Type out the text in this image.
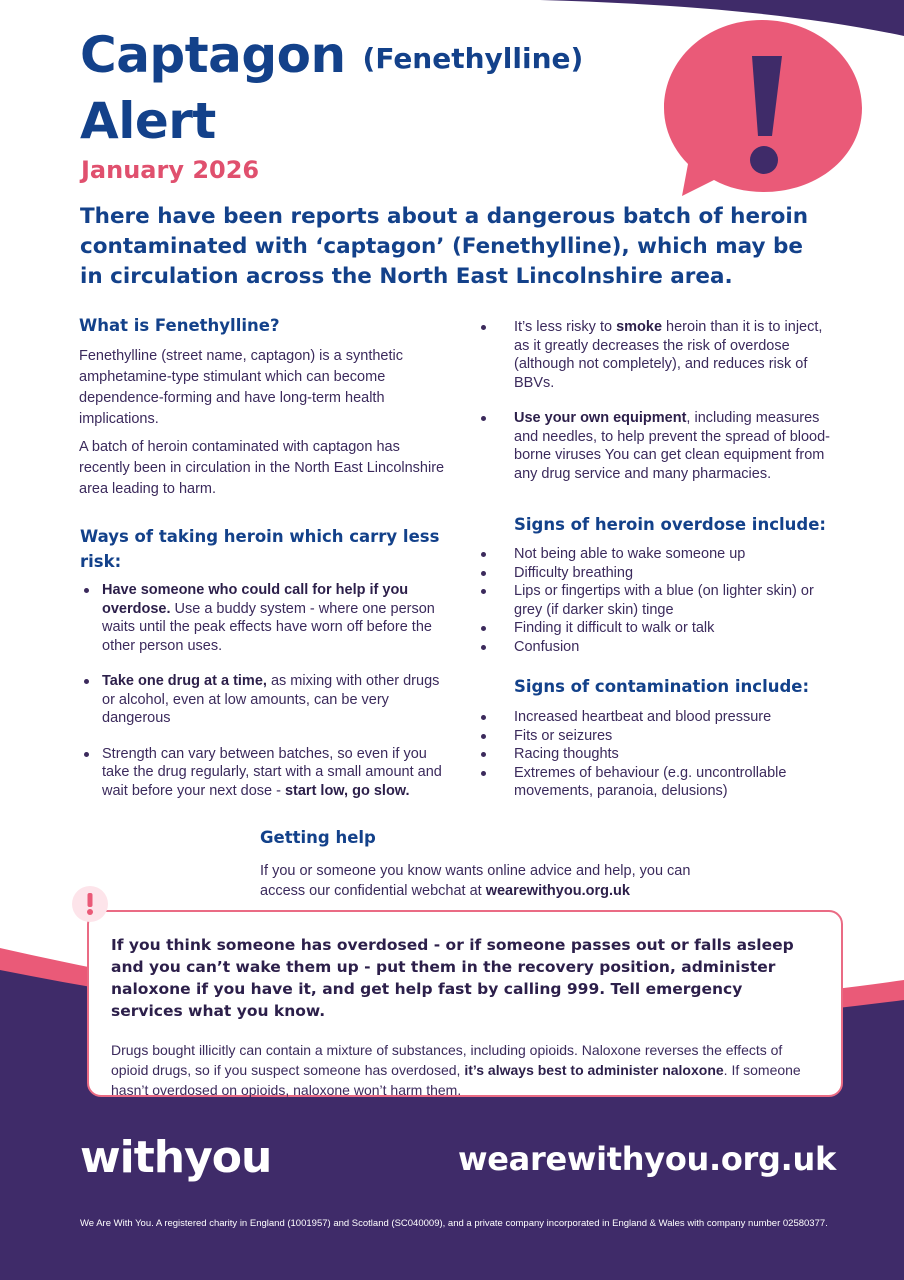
Captagon (Fenethylline)
Alert
January 2026

There have been reports about a dangerous batch of heroin contaminated with ‘captagon’ (Fenethylline), which may be in circulation across the North East Lincolnshire area.

What is Fenethylline?

Fenethylline (street name, captagon) is a synthetic amphetamine-type stimulant which can become dependence-forming and have long-term health implications.

A batch of heroin contaminated with captagon has recently been in circulation in the North East Lincolnshire area leading to harm.

Ways of taking heroin which carry less risk:
Have someone who could call for help if you overdose. Use a buddy system - where one person waits until the peak effects have worn off before the other person uses.
Take one drug at a time, as mixing with other drugs or alcohol, even at low amounts, can be very dangerous
Strength can vary between batches, so even if you take the drug regularly, start with a small amount and wait before your next dose - start low, go slow.
It’s less risky to smoke heroin than it is to inject, as it greatly decreases the risk of overdose (although not completely), and reduces risk of BBVs.
Use your own equipment, including measures and needles, to help prevent the spread of blood-borne viruses You can get clean equipment from any drug service and many pharmacies.
Signs of heroin overdose include:
Not being able to wake someone up
Difficulty breathing
Lips or fingertips with a blue (on lighter skin) or grey (if darker skin) tinge
Finding it difficult to walk or talk
Confusion
Signs of contamination include:
Increased heartbeat and blood pressure
Fits or seizures
Racing thoughts
Extremes of behaviour (e.g. uncontrollable movements, paranoia, delusions)
Getting help

If you or someone you know wants online advice and help, you can access our confidential webchat at wearewithyou.org.uk

If you think someone has overdosed - or if someone passes out or falls asleep and you can’t wake them up - put them in the recovery position, administer naloxone if you have it, and get help fast by calling 999. Tell emergency services what you know.

Drugs bought illicitly can contain a mixture of substances, including opioids. Naloxone reverses the effects of opioid drugs, so if you suspect someone has overdosed, it’s always best to administer naloxone. If someone hasn’t overdosed on opioids, naloxone won’t harm them.

withyou	wearewithyou.org.uk
We Are With You. A registered charity in England (1001957) and Scotland (SC040009), and a private company incorporated in England & Wales with company number 02580377.
